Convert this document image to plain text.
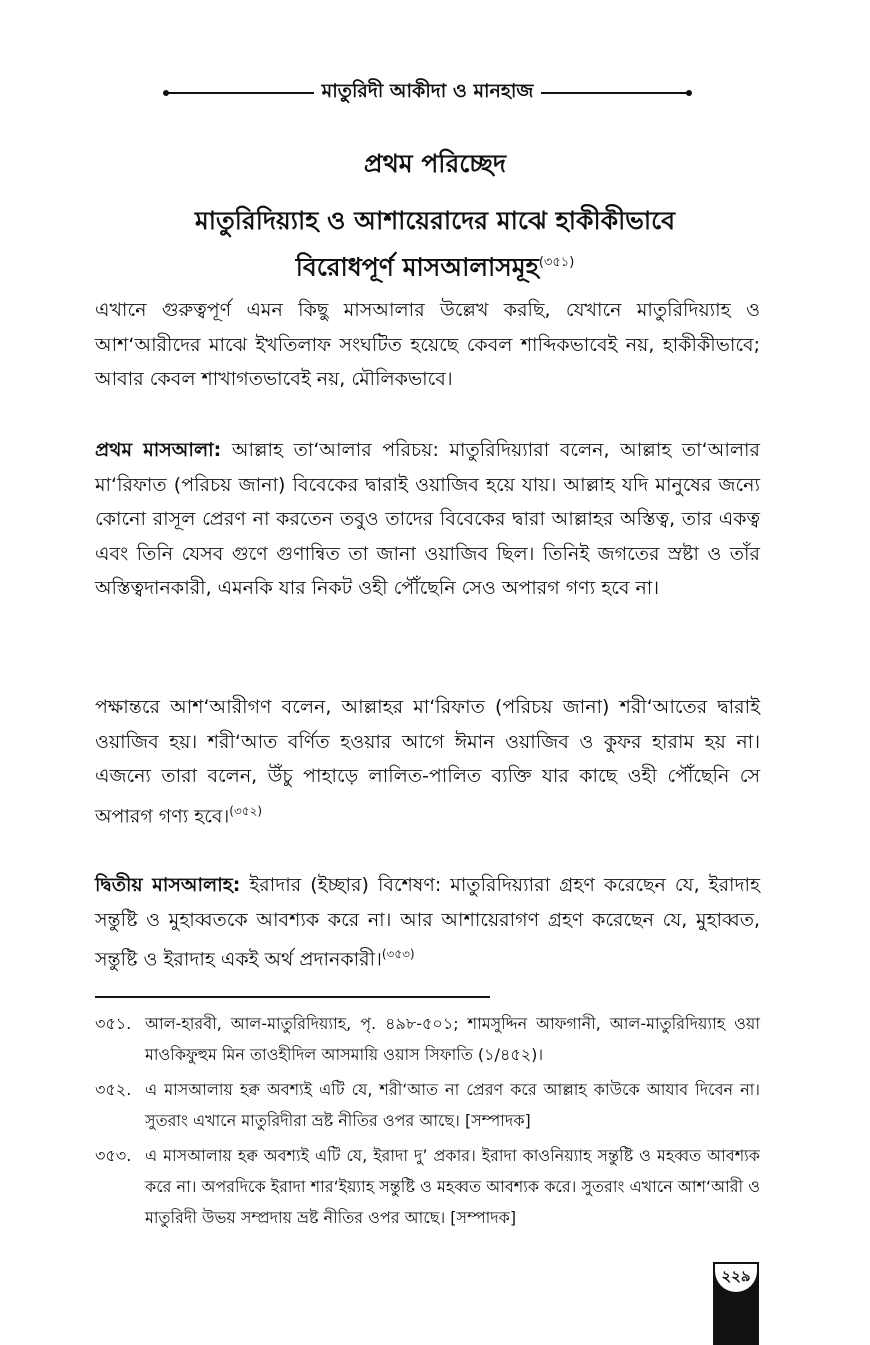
মাতুরিদী আকীদা ও মানহাজ
প্রথম পরিচ্ছেদ
মাতুরিদিয়্যাহ ও আশায়েরাদের মাঝে হাকীকীভাবে
বিরোধপূর্ণ মাসআলাসমূহ$^{(৩৫১)}$

এখানে গুরুত্বপূর্ণ এমন কিছু মাসআলার উল্লেখ করছি, যেখানে মাতুরিদিয়্যাহ ও আশ‘আরীদের মাঝে ইখতিলাফ সংঘটিত হয়েছে কেবল শাব্দিকভাবেই নয়, হাকীকীভাবে; আবার কেবল শাখাগতভাবেই নয়, মৌলিকভাবে।

প্রথম মাসআলা: আল্লাহ তা‘আলার পরিচয়: মাতুরিদিয়্যারা বলেন, আল্লাহ তা‘আলার মা‘রিফাত (পরিচয় জানা) বিবেকের দ্বারাই ওয়াজিব হয়ে যায়। আল্লাহ যদি মানুষের জন্যে কোনো রাসূল প্রেরণ না করতেন তবুও তাদের বিবেকের দ্বারা আল্লাহর অস্তিত্ব, তার একত্ব এবং তিনি যেসব গুণে গুণান্বিত তা জানা ওয়াজিব ছিল। তিনিই জগতের স্রষ্টা ও তাঁর অস্তিত্বদানকারী, এমনকি যার নিকট ওহী পৌঁছেনি সেও অপারগ গণ্য হবে না।

পক্ষান্তরে আশ‘আরীগণ বলেন, আল্লাহর মা‘রিফাত (পরিচয় জানা) শরী‘আতের দ্বারাই ওয়াজিব হয়। শরী‘আত বর্ণিত হওয়ার আগে ঈমান ওয়াজিব ও কুফর হারাম হয় না। এজন্যে তারা বলেন, উঁচু পাহাড়ে লালিত-পালিত ব্যক্তি যার কাছে ওহী পৌঁছেনি সে অপারগ গণ্য হবে।$^{(৩৫২)}$

দ্বিতীয় মাসআলাহ: ইরাদার (ইচ্ছার) বিশেষণ: মাতুরিদিয়্যারা গ্রহণ করেছেন যে, ইরাদাহ সন্তুষ্টি ও মুহাব্বতকে আবশ্যক করে না। আর আশায়েরাগণ গ্রহণ করেছেন যে, মুহাব্বত, সন্তুষ্টি ও ইরাদাহ একই অর্থ প্রদানকারী।$^{(৩৫৩)}$

৩৫১. আল-হারবী, আল-মাতুরিদিয়্যাহ, পৃ. ৪৯৮-৫০১; শামসুদ্দিন আফগানী, আল-মাতুরিদিয়্যাহ ওয়া মাওকিফুহুম মিন তাওহীদিল আসমায়ি ওয়াস সিফাতি (১/৪৫২)।

৩৫২. এ মাসআলায় হক্ব অবশ্যই এটি যে, শরী‘আত না প্রেরণ করে আল্লাহ কাউকে আযাব দিবেন না। সুতরাং এখানে মাতুরিদীরা ভ্রষ্ট নীতির ওপর আছে। [সম্পাদক]

৩৫৩. এ মাসআলায় হক্ব অবশ্যই এটি যে, ইরাদা দু’ প্রকার। ইরাদা কাওনিয়্যাহ সন্তুষ্টি ও মহব্বত আবশ্যক করে না। অপরদিকে ইরাদা শার‘ইয়্যাহ সন্তুষ্টি ও মহব্বত আবশ্যক করে। সুতরাং এখানে আশ‘আরী ও মাতুরিদী উভয় সম্প্রদায় ভ্রষ্ট নীতির ওপর আছে। [সম্পাদক]

২২৯
